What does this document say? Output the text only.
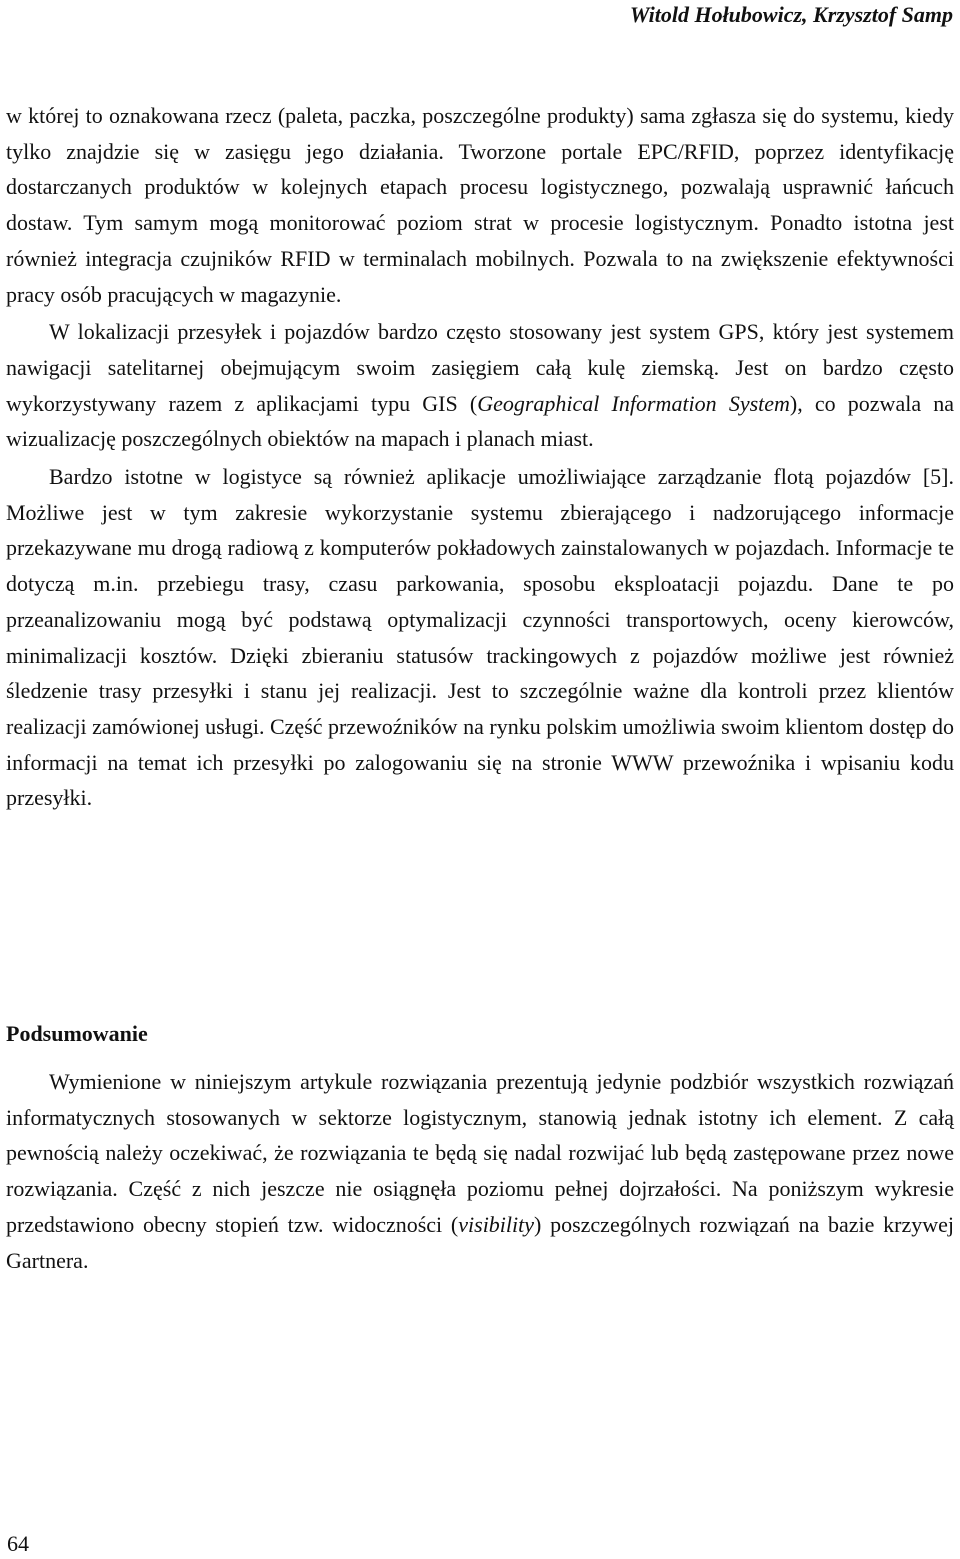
Witold Hołubowicz, Krzysztof Samp

w której to oznakowana rzecz (paleta, paczka, poszczególne produkty) sama zgłasza się do systemu, kiedy tylko znajdzie się w zasięgu jego działania. Tworzone portale EPC/RFID, poprzez identyfikację dostarczanych produktów w kolejnych etapach procesu logistycznego, pozwalają usprawnić łańcuch dostaw. Tym samym mogą monitorować poziom strat w procesie logistycznym. Ponadto istotna jest również integracja czujników RFID w terminalach mobilnych. Pozwala to na zwiększenie efektywności pracy osób pracujących w magazynie.

W lokalizacji przesyłek i pojazdów bardzo często stosowany jest system GPS, który jest systemem nawigacji satelitarnej obejmującym swoim zasięgiem całą kulę ziemską. Jest on bardzo często wykorzystywany razem z aplikacjami typu GIS (Geographical Information System), co pozwala na wizualizację poszczególnych obiektów na mapach i planach miast.

Bardzo istotne w logistyce są również aplikacje umożliwiające zarządzanie flotą pojazdów [5]. Możliwe jest w tym zakresie wykorzystanie systemu zbierającego i nadzorującego informacje przekazywane mu drogą radiową z komputerów pokładowych zainstalowanych w pojazdach. Informacje te dotyczą m.in. przebiegu trasy, czasu parkowania, sposobu eksploatacji pojazdu. Dane te po przeanalizowaniu mogą być podstawą optymalizacji czynności transportowych, oceny kierowców, minimalizacji kosztów. Dzięki zbieraniu statusów trackingowych z pojazdów możliwe jest również śledzenie trasy przesyłki i stanu jej realizacji. Jest to szczególnie ważne dla kontroli przez klientów realizacji zamówionej usługi. Część przewoźników na rynku polskim umożliwia swoim klientom dostęp do informacji na temat ich przesyłki po zalogowaniu się na stronie WWW przewoźnika i wpisaniu kodu przesyłki.

Podsumowanie

Wymienione w niniejszym artykule rozwiązania prezentują jedynie podzbiór wszystkich rozwiązań informatycznych stosowanych w sektorze logistycznym, stanowią jednak istotny ich element. Z całą pewnością należy oczekiwać, że rozwiązania te będą się nadal rozwijać lub będą zastępowane przez nowe rozwiązania. Część z nich jeszcze nie osiągnęła poziomu pełnej dojrzałości. Na poniższym wykresie przedstawiono obecny stopień tzw. widoczności (visibility) poszczególnych rozwiązań na bazie krzywej Gartnera.

64
